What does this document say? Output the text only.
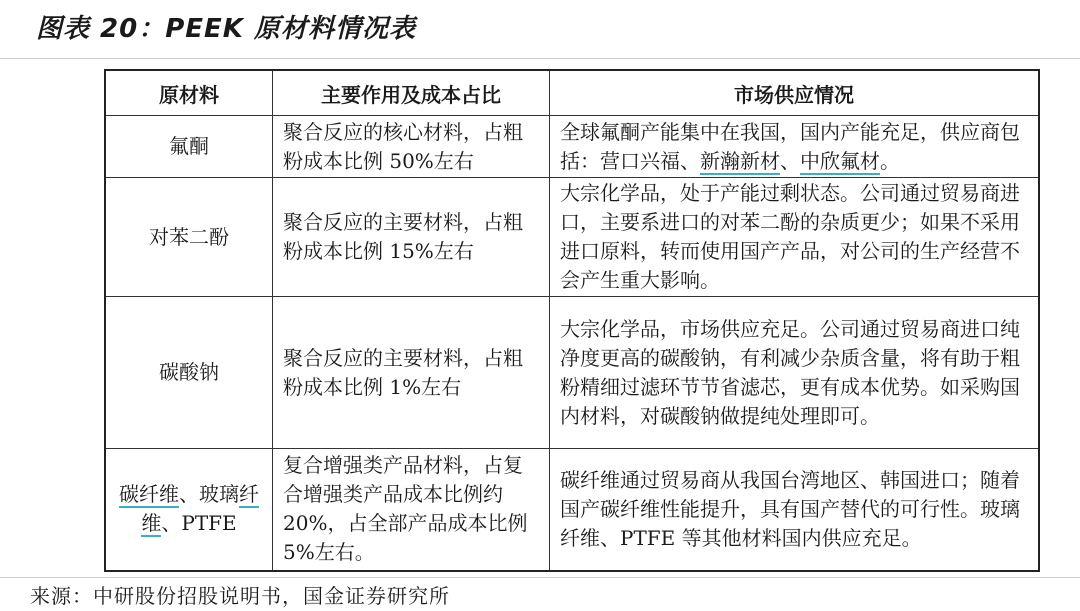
图表 20：PEEK 原材料情况表
原材料	主要作用及成本占比	市场供应情况
氟酮	聚合反应的核心材料，占粗粉成本比例 50%左右	全球氟酮产能集中在我国，国内产能充足，供应商包括：营口兴福、新瀚新材、中欣氟材。
对苯二酚	聚合反应的主要材料，占粗粉成本比例 15%左右	大宗化学品，处于产能过剩状态。公司通过贸易商进口，主要系进口的对苯二酚的杂质更少；如果不采用进口原料，转而使用国产产品，对公司的生产经营不会产生重大影响。
碳酸钠	聚合反应的主要材料，占粗粉成本比例 1%左右	大宗化学品，市场供应充足。公司通过贸易商进口纯净度更高的碳酸钠，有利减少杂质含量，将有助于粗粉精细过滤环节节省滤芯，更有成本优势。如采购国内材料，对碳酸钠做提纯处理即可。
碳纤维、玻璃纤维、PTFE	复合增强类产品材料，占复合增强类产品成本比例约 20%，占全部产品成本比例 5%左右。	碳纤维通过贸易商从我国台湾地区、韩国进口；随着国产碳纤维性能提升，具有国产替代的可行性。玻璃纤维、PTFE 等其他材料国内供应充足。
来源：中研股份招股说明书，国金证券研究所
